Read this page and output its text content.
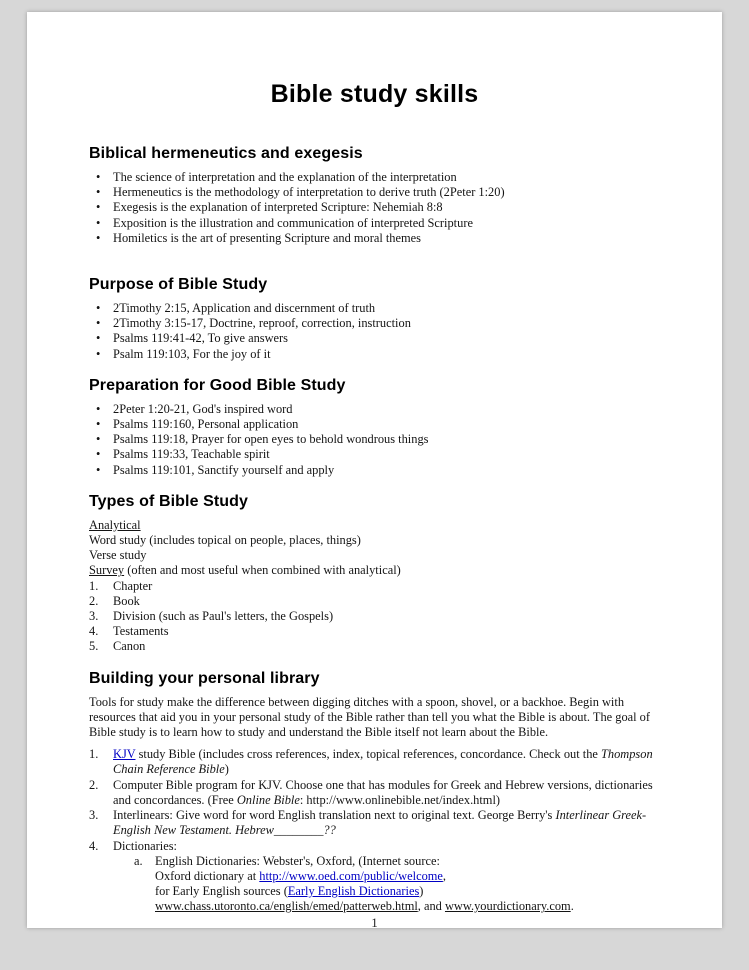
Bible study skills
Biblical hermeneutics and exegesis
•
The science of interpretation and the explanation of the interpretation
•
Hermeneutics is the methodology of interpretation to derive truth (2Peter 1:20)
•
Exegesis is the explanation of interpreted Scripture: Nehemiah 8:8
•
Exposition is the illustration and communication of interpreted Scripture
•
Homiletics is the art of presenting Scripture and moral themes
Purpose of Bible Study
•
2Timothy 2:15, Application and discernment of truth
•
2Timothy 3:15-17, Doctrine, reproof, correction, instruction
•
Psalms 119:41-42, To give answers
•
Psalm 119:103, For the joy of it
Preparation for Good Bible Study
•
2Peter 1:20-21, God's inspired word
•
Psalms 119:160, Personal application
•
Psalms 119:18, Prayer for open eyes to behold wondrous things
•
Psalms 119:33, Teachable spirit
•
Psalms 119:101, Sanctify yourself and apply
Types of Bible Study
Analytical
Word study (includes topical on people, places, things)
Verse study
Survey (often and most useful when combined with analytical)
1.	Chapter
2.	Book
3.	Division (such as Paul's letters, the Gospels)
4.	Testaments
5.	Canon
Building your personal library
Tools for study make the difference between digging ditches with a spoon, shovel, or a backhoe. Begin with resources that aid you in your personal study of the Bible rather than tell you what the Bible is about. The goal of Bible study is to learn how to study and understand the Bible itself not learn about the Bible.
1.	KJV study Bible (includes cross references, index, topical references, concordance. Check out the Thompson Chain Reference Bible)
2.	Computer Bible program for KJV. Choose one that has modules for Greek and Hebrew versions, dictionaries and concordances. (Free Online Bible: http://www.onlinebible.net/index.html)
3.	Interlinears: Give word for word English translation next to original text. George Berry's Interlinear Greek-English New Testament. Hebrew________??
4.	Dictionaries:
a. English Dictionaries: Webster's, Oxford, (Internet source:
Oxford dictionary at http://www.oed.com/public/welcome,
for Early English sources (Early English Dictionaries)
www.chass.utoronto.ca/english/emed/patterweb.html, and www.yourdictionary.com.
1
